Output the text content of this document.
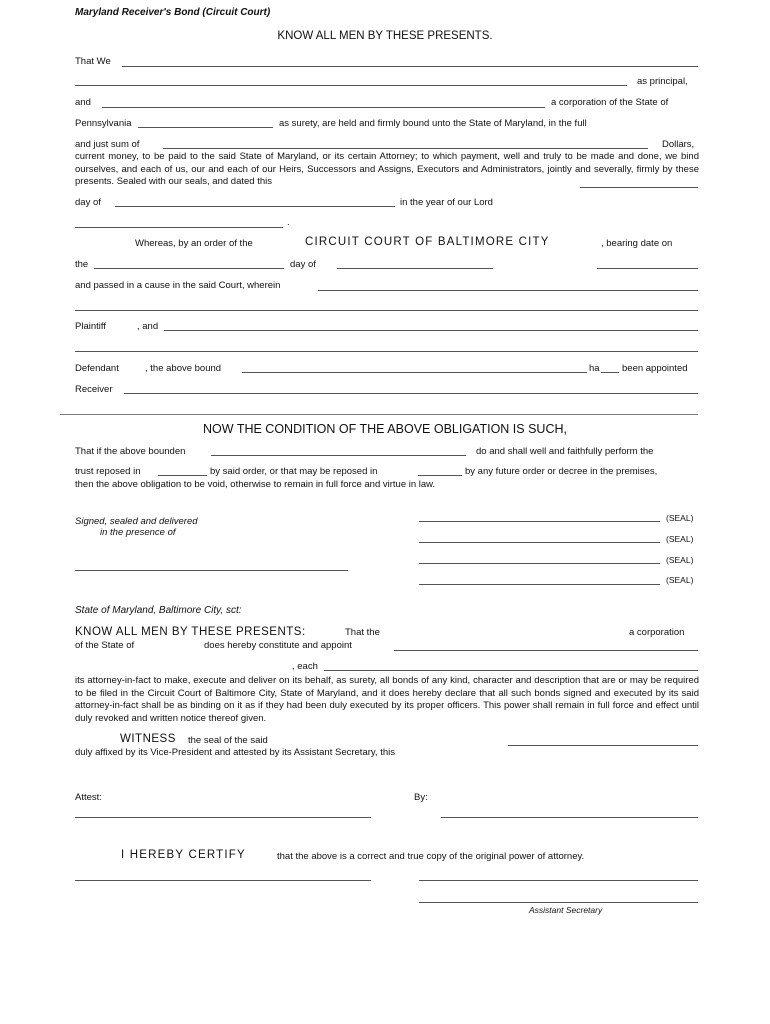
Maryland Receiver's Bond (Circuit Court)
KNOW ALL MEN BY THESE PRESENTS.
That We
as principal,
and	a corporation of the State of
Pennsylvania	as surety, are held and firmly bound unto the State of Maryland, in the full
and just sum of	Dollars,
current money, to be paid to the said State of Maryland, or its certain Attorney; to which payment, well and truly to be made and done, we bind ourselves, and each of us, our and each of our Heirs, Successors and Assigns, Executors and Administrators, jointly and severally, firmly by these presents. Sealed with our seals, and dated this
day of	in the year of our Lord
.
Whereas, by an order of the	CIRCUIT COURT OF BALTIMORE CITY	, bearing date on
the	day of
and passed in a cause in the said Court, wherein
Plaintiff	, and
Defendant	, the above bound	ha been appointed
Receiver
NOW THE CONDITION OF THE ABOVE OBLIGATION IS SUCH,
That if the above bounden	do and shall well and faithfully perform the
trust reposed in	by said order, or that may be reposed in	by any future order or decree in the premises,
then the above obligation to be void, otherwise to remain in full force and virtue in law.
Signed, sealed and delivered
in the presence of
(SEAL)
(SEAL)
(SEAL)
(SEAL)
State of Maryland, Baltimore City, sct:
KNOW ALL MEN BY THESE PRESENTS:	That the	a corporation
of the State of	does hereby constitute and appoint
, each
its attorney-in-fact to make, execute and deliver on its behalf, as surety, all bonds of any kind, character and description that are or may be required to be filed in the Circuit Court of Baltimore City, State of Maryland, and it does hereby declare that all such bonds signed and executed by its said attorney-in-fact shall be as binding on it as if they had been duly executed by its proper officers. This power shall remain in full force and effect until duly revoked and written notice thereof given.
WITNESS the seal of the said
duly affixed by its Vice-President and attested by its Assistant Secretary, this
Attest:	By:
I HEREBY CERTIFY	that the above is a correct and true copy of the original power of attorney.
Assistant Secretary
